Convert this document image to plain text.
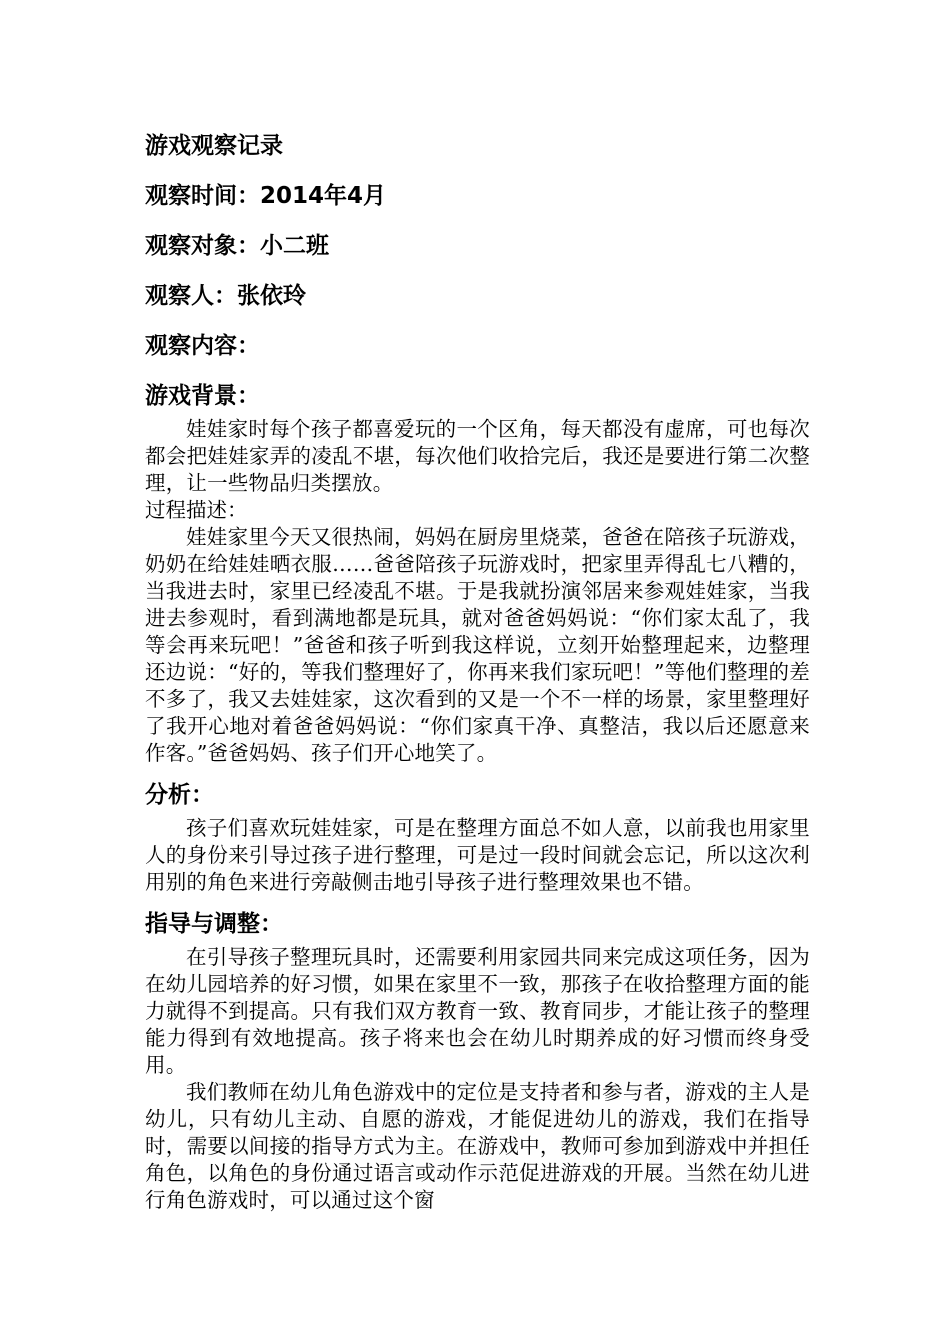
游戏观察记录

观察时间：2014年4月

观察对象：小二班

观察人：张依玲

观察内容：

游戏背景：

娃娃家时每个孩子都喜爱玩的一个区角，每天都没有虚席，可也每次都会把娃娃家弄的凌乱不堪，每次他们收拾完后，我还是要进行第二次整理，让一些物品归类摆放。

过程描述：

娃娃家里今天又很热闹，妈妈在厨房里烧菜，爸爸在陪孩子玩游戏，奶奶在给娃娃晒衣服……爸爸陪孩子玩游戏时，把家里弄得乱七八糟的，当我进去时，家里已经凌乱不堪。于是我就扮演邻居来参观娃娃家，当我进去参观时，看到满地都是玩具，就对爸爸妈妈说：“你们家太乱了，我等会再来玩吧！”爸爸和孩子听到我这样说，立刻开始整理起来，边整理还边说：“好的，等我们整理好了，你再来我们家玩吧！”等他们整理的差不多了，我又去娃娃家，这次看到的又是一个不一样的场景，家里整理好了我开心地对着爸爸妈妈说：“你们家真干净、真整洁，我以后还愿意来作客。”爸爸妈妈、孩子们开心地笑了。

分析：

孩子们喜欢玩娃娃家，可是在整理方面总不如人意，以前我也用家里人的身份来引导过孩子进行整理，可是过一段时间就会忘记，所以这次利用别的角色来进行旁敲侧击地引导孩子进行整理效果也不错。

指导与调整：

在引导孩子整理玩具时，还需要利用家园共同来完成这项任务，因为在幼儿园培养的好习惯，如果在家里不一致，那孩子在收拾整理方面的能力就得不到提高。只有我们双方教育一致、教育同步，才能让孩子的整理能力得到有效地提高。孩子将来也会在幼儿时期养成的好习惯而终身受用。

我们教师在幼儿角色游戏中的定位是支持者和参与者，游戏的主人是幼儿，只有幼儿主动、自愿的游戏，才能促进幼儿的游戏，我们在指导时，需要以间接的指导方式为主。在游戏中，教师可参加到游戏中并担任角色，以角色的身份通过语言或动作示范促进游戏的开展。当然在幼儿进行角色游戏时，可以通过这个窗
